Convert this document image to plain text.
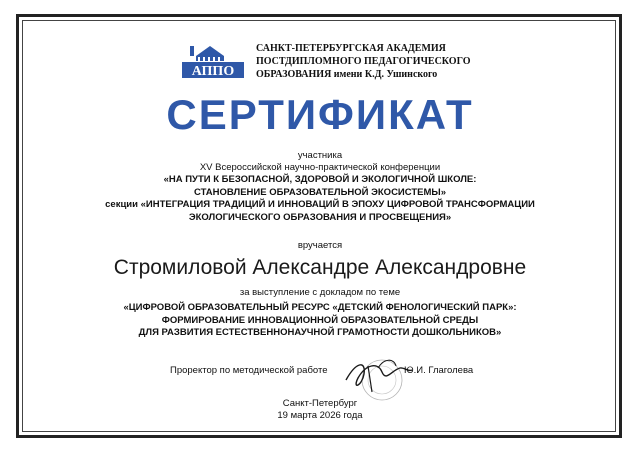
АППО
САНКТ-ПЕТЕРБУРГСКАЯ АКАДЕМИЯ
ПОСТДИПЛОМНОГО ПЕДАГОГИЧЕСКОГО
ОБРАЗОВАНИЯ имени К.Д. Ушинского
СЕРТИФИКАТ
участника
XV Всероссийской научно-практической конференции
«НА ПУТИ К БЕЗОПАСНОЙ, ЗДОРОВОЙ И ЭКОЛОГИЧНОЙ ШКОЛЕ:
СТАНОВЛЕНИЕ ОБРАЗОВАТЕЛЬНОЙ ЭКОСИСТЕМЫ»
секции «ИНТЕГРАЦИЯ ТРАДИЦИЙ И ИННОВАЦИЙ В ЭПОХУ ЦИФРОВОЙ ТРАНСФОРМАЦИИ
ЭКОЛОГИЧЕСКОГО ОБРАЗОВАНИЯ И ПРОСВЕЩЕНИЯ»
вручается
Стромиловой Александре Александровне
за выступление с докладом по теме
«ЦИФРОВОЙ ОБРАЗОВАТЕЛЬНЫЙ РЕСУРС «ДЕТСКИЙ ФЕНОЛОГИЧЕСКИЙ ПАРК»:
ФОРМИРОВАНИЕ ИННОВАЦИОННОЙ ОБРАЗОВАТЕЛЬНОЙ СРЕДЫ
ДЛЯ РАЗВИТИЯ ЕСТЕСТВЕННОНАУЧНОЙ ГРАМОТНОСТИ ДОШКОЛЬНИКОВ»
Проректор по методической работе	Ю.И. Глаголева
Санкт-Петербург
19 марта 2026 года
